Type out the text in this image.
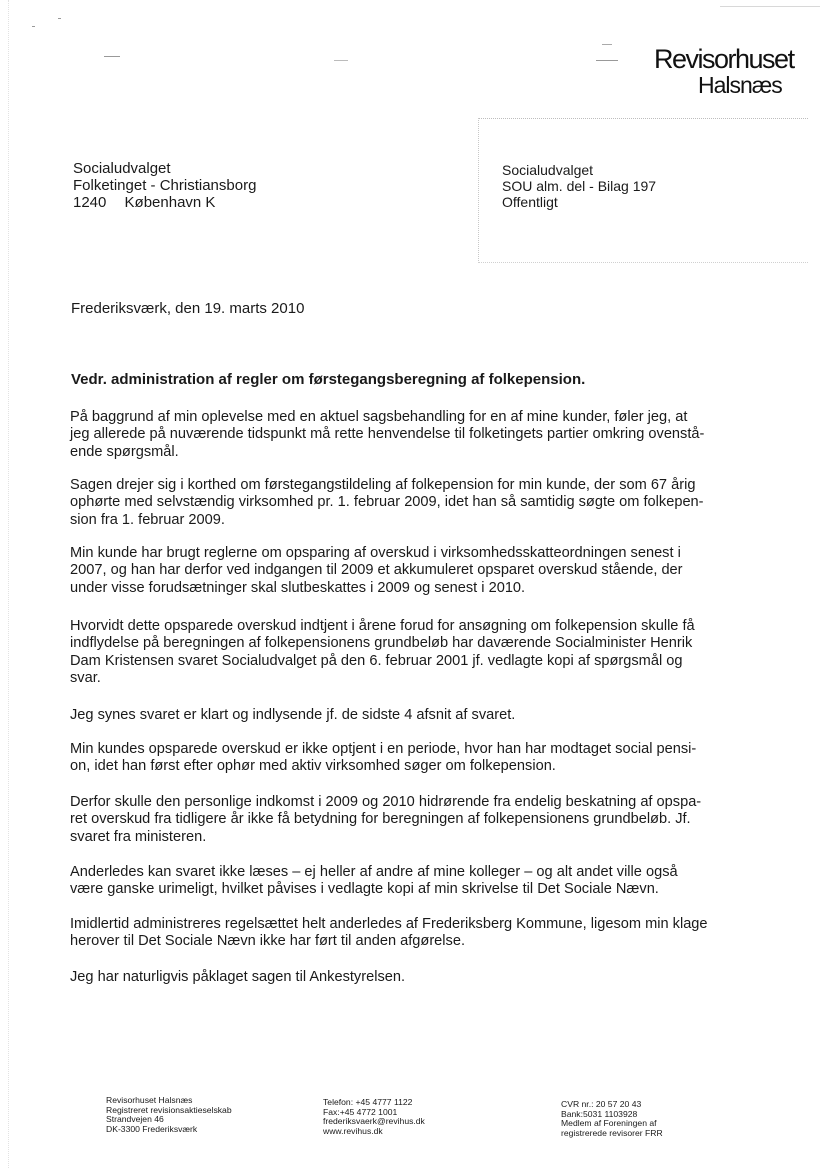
Revisorhuset
Halsnæs
Socialudvalget
Folketinget - Christiansborg
1240 København K
Socialudvalget
SOU alm. del - Bilag 197
Offentligt
Frederiksværk, den 19. marts 2010
Vedr. administration af regler om førstegangsberegning af folkepension.
På baggrund af min oplevelse med en aktuel sagsbehandling for en af mine kunder, føler jeg, at
jeg allerede på nuværende tidspunkt må rette henvendelse til folketingets partier omkring ovenstå-
ende spørgsmål.
Sagen drejer sig i korthed om førstegangstildeling af folkepension for min kunde, der som 67 årig
ophørte med selvstændig virksomhed pr. 1. februar 2009, idet han så samtidig søgte om folkepen-
sion fra 1. februar 2009.
Min kunde har brugt reglerne om opsparing af overskud i virksomhedsskatteordningen senest i
2007, og han har derfor ved indgangen til 2009 et akkumuleret opsparet overskud stående, der
under visse forudsætninger skal slutbeskattes i 2009 og senest i 2010.
Hvorvidt dette opsparede overskud indtjent i årene forud for ansøgning om folkepension skulle få
indflydelse på beregningen af folkepensionens grundbeløb har daværende Socialminister Henrik
Dam Kristensen svaret Socialudvalget på den 6. februar 2001 jf. vedlagte kopi af spørgsmål og
svar.
Jeg synes svaret er klart og indlysende jf. de sidste 4 afsnit af svaret.
Min kundes opsparede overskud er ikke optjent i en periode, hvor han har modtaget social pensi-
on, idet han først efter ophør med aktiv virksomhed søger om folkepension.
Derfor skulle den personlige indkomst i 2009 og 2010 hidrørende fra endelig beskatning af opspa-
ret overskud fra tidligere år ikke få betydning for beregningen af folkepensionens grundbeløb. Jf.
svaret fra ministeren.
Anderledes kan svaret ikke læses – ej heller af andre af mine kolleger – og alt andet ville også
være ganske urimeligt, hvilket påvises i vedlagte kopi af min skrivelse til Det Sociale Nævn.
Imidlertid administreres regelsættet helt anderledes af Frederiksberg Kommune, ligesom min klage
herover til Det Sociale Nævn ikke har ført til anden afgørelse.
Jeg har naturligvis påklaget sagen til Ankestyrelsen.
Revisorhuset Halsnæs
Registreret revisionsaktieselskab
Strandvejen 46
DK-3300 Frederiksværk
Telefon: +45 4777 1122
Fax:+45 4772 1001
frederiksvaerk@revihus.dk
www.revihus.dk
CVR nr.: 20 57 20 43
Bank:5031 1103928
Medlem af Foreningen af
registrerede revisorer FRR
